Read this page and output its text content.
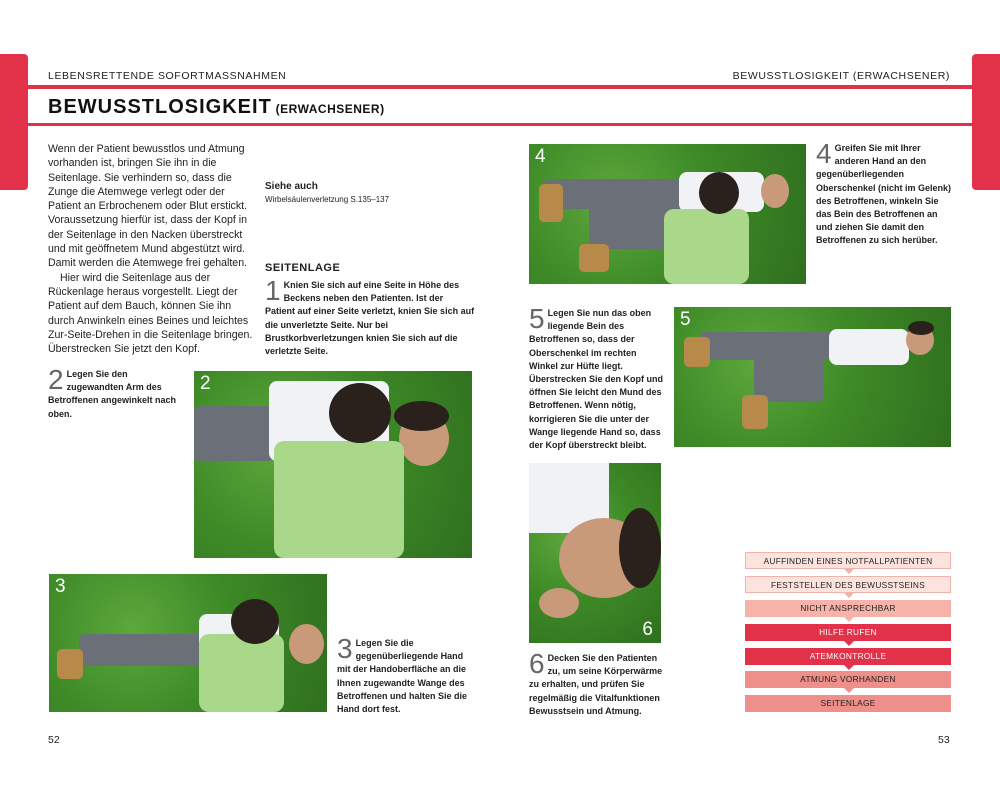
LEBENSRETTENDE SOFORTMASSNAHMEN	BEWUSSTLOSIGKEIT (ERWACHSENER)
BEWUSSTLOSIGKEIT (ERWACHSENER)
Wenn der Patient bewusstlos und Atmung vorhanden ist, bringen Sie ihn in die Seitenlage. Sie verhindern so, dass die Zunge die Atemwege verlegt oder der Patient an Erbrochenem oder Blut erstickt. Voraussetzung hierfür ist, dass der Kopf in der Seitenlage in den Nacken überstreckt und mit geöffnetem Mund abgestützt wird. Damit werden die Atemwege frei gehalten.
Hier wird die Seitenlage aus der Rückenlage heraus vorgestellt. Liegt der Patient auf dem Bauch, können Sie ihn durch Anwinkeln eines Beines und leichtes Zur-Seite-Drehen in die Seitenlage bringen. Überstrecken Sie jetzt den Kopf.
Siehe auch
Wirbelsäulenverletzung S.135–137
SEITENLAGE
1 Knien Sie sich auf eine Seite in Höhe des Beckens neben den Patienten. Ist der Patient auf einer Seite verletzt, knien Sie sich auf die unverletzte Seite. Nur bei Brustkorbverletzungen knien Sie sich auf die verletzte Seite.
2 Legen Sie den zugewandten Arm des Betroffenen angewinkelt nach oben.
2
3
3 Legen Sie die gegenüberliegende Hand mit der Handoberfläche an die Ihnen zugewandte Wange des Betroffenen und halten Sie die Hand dort fest.
4	4 Greifen Sie mit Ihrer anderen Hand an den gegenüberliegenden Oberschenkel (nicht im Gelenk) des Betroffenen, winkeln Sie das Bein des Betroffenen an und ziehen Sie damit den Betroffenen zu sich herüber.
5 Legen Sie nun das oben liegende Bein des Betroffenen so, dass der Oberschenkel im rechten Winkel zur Hüfte liegt. Überstrecken Sie den Kopf und öffnen Sie leicht den Mund des Betroffenen. Wenn nötig, korrigieren Sie die unter der Wange liegende Hand so, dass der Kopf überstreckt bleibt.
5
6
6 Decken Sie den Patienten zu, um seine Körperwärme zu erhalten, und prüfen Sie regelmäßig die Vitalfunktionen Bewusstsein und Atmung.
AUFFINDEN EINES NOTFALLPATIENTEN
FESTSTELLEN DES BEWUSSTSEINS
NICHT ANSPRECHBAR
HILFE RUFEN
ATEMKONTROLLE
ATMUNG VORHANDEN
SEITENLAGE
52	53
